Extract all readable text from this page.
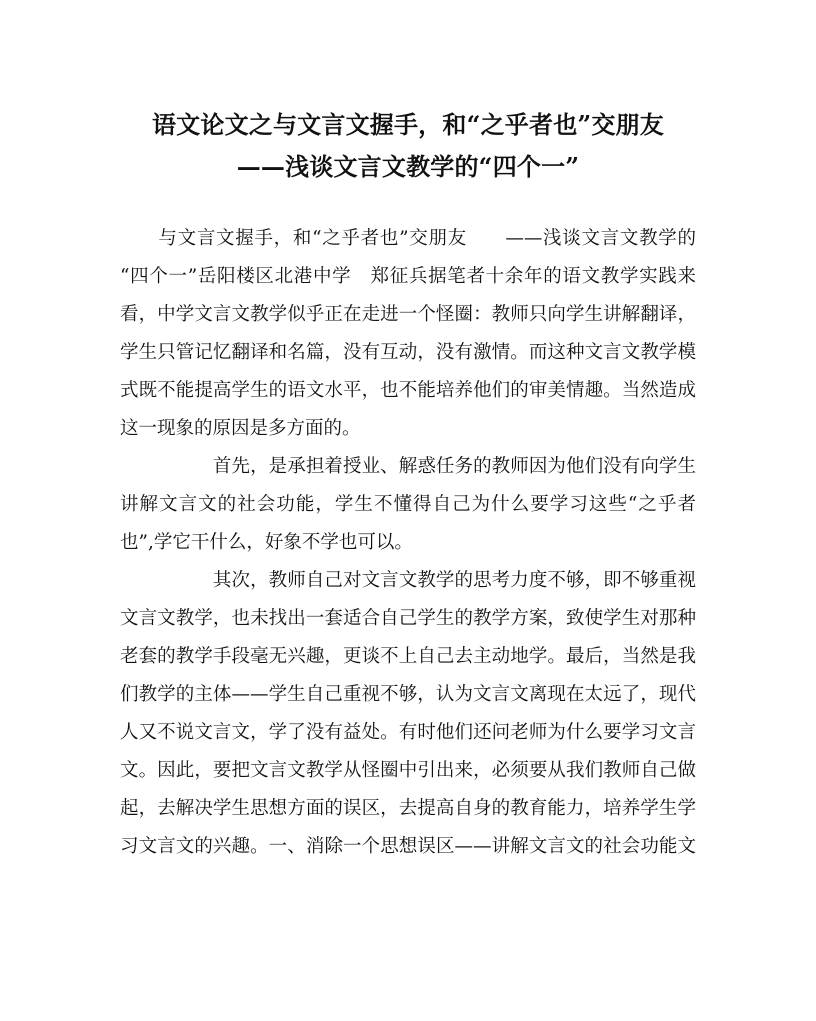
语文论文之与文言文握手，和“之乎者也”交朋友
——浅谈文言文教学的“四个一”
　　与文言文握手，和“之乎者也”交朋友　　——浅谈文言文教学的
“四个一”岳阳楼区北港中学　郑征兵据笔者十余年的语文教学实践来
看，中学文言文教学似乎正在走进一个怪圈：教师只向学生讲解翻译，
学生只管记忆翻译和名篇，没有互动，没有激情。而这种文言文教学模
式既不能提高学生的语文水平，也不能培养他们的审美情趣。当然造成
这一现象的原因是多方面的。
　　　　　首先，是承担着授业、解惑任务的教师因为他们没有向学生
讲解文言文的社会功能，学生不懂得自己为什么要学习这些“之乎者
也”,学它干什么，好象不学也可以。
　　　　　其次，教师自己对文言文教学的思考力度不够，即不够重视
文言文教学，也未找出一套适合自己学生的教学方案，致使学生对那种
老套的教学手段毫无兴趣，更谈不上自己去主动地学。最后，当然是我
们教学的主体——学生自己重视不够，认为文言文离现在太远了，现代
人又不说文言文，学了没有益处。有时他们还问老师为什么要学习文言
文。因此，要把文言文教学从怪圈中引出来，必须要从我们教师自己做
起，去解决学生思想方面的误区，去提高自身的教育能力，培养学生学
习文言文的兴趣。一、消除一个思想误区——讲解文言文的社会功能文
